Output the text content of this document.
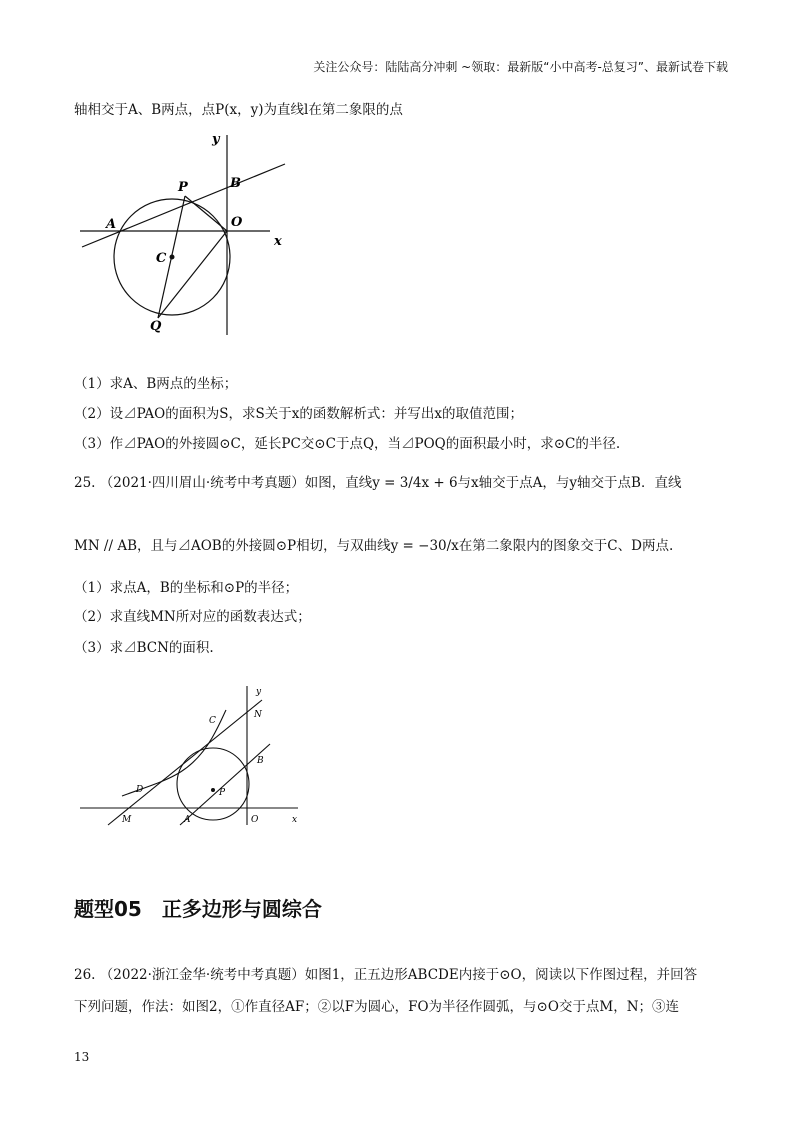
关注公众号：陆陆高分冲刺 ~领取：最新版“小中高考-总复习”、最新试卷下载
轴相交于A、B两点，点P(x，y)为直线l在第二象限的点
y
x
P	B
A	O
C
Q
（1）求A、B两点的坐标；
（2）设⊿PAO的面积为S，求S关于x的函数解析式：并写出x的取值范围；
（3）作⊿PAO的外接圆⊙C，延长PC交⊙C于点Q，当⊿POQ的面积最小时，求⊙C的半径.
25. （2021·四川眉山·统考中考真题）如图，直线y = 3/4x + 6与x轴交于点A，与y轴交于点B．直线
MN // AB，且与⊿AOB的外接圆⊙P相切，与双曲线y = −30/x在第二象限内的图象交于C、D两点.
（1）求点A，B的坐标和⊙P的半径；
（2）求直线MN所对应的函数表达式；
（3）求⊿BCN的面积.
y
N
C
B
D	P
M	A	O	x
题型05　正多边形与圆综合
26. （2022·浙江金华·统考中考真题）如图1，正五边形ABCDE内接于⊙O，阅读以下作图过程，并回答
下列问题，作法：如图2，①作直径AF；②以F为圆心，FO为半径作圆弧，与⊙O交于点M，N；③连
13
